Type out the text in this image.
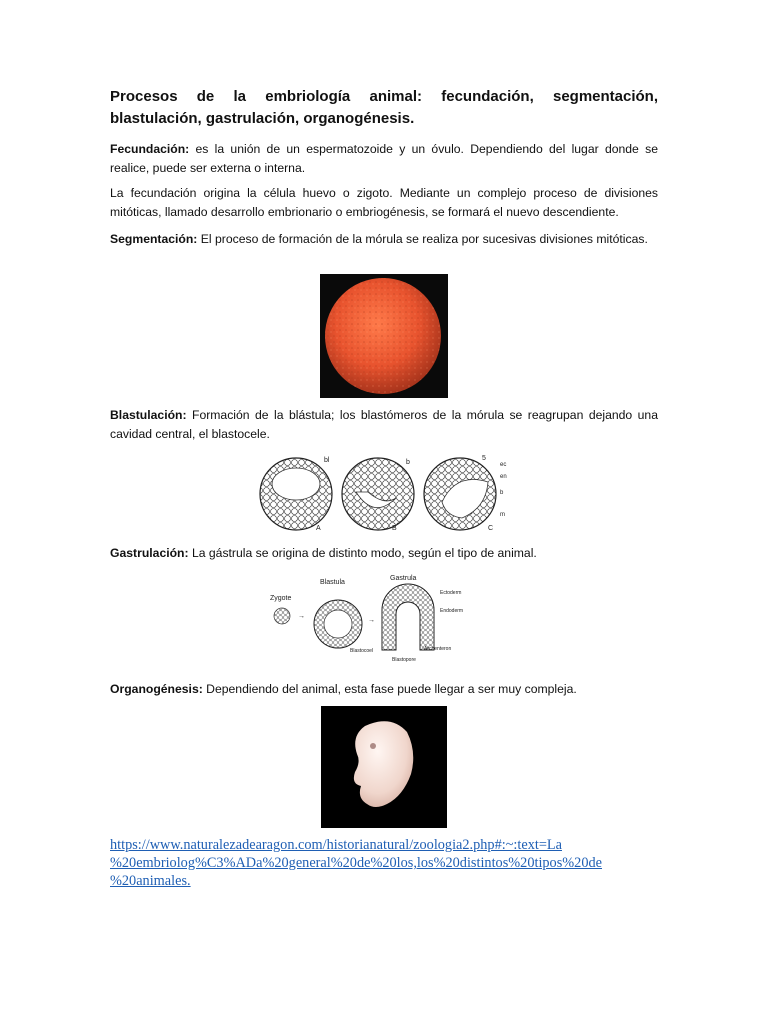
Procesos de la embriología animal: fecundación, segmentación, blastulación, gastrulación, organogénesis.

Fecundación: es la unión de un espermatozoide y un óvulo. Dependiendo del lugar donde se realice, puede ser externa o interna.

La fecundación origina la célula huevo o zigoto. Mediante un complejo proceso de divisiones mitóticas, llamado desarrollo embrionario o embriogénesis, se formará el nuevo descendiente.

Segmentación: El proceso de formación de la mórula se realiza por sucesivas divisiones mitóticas.

Blastulación: Formación de la blástula; los blastómeros de la mórula se reagrupan dejando una cavidad central, el blastocele.

Gastrulación: La gástrula se origina de distinto modo, según el tipo de animal.

Organogénesis: Dependiendo del animal, esta fase puede llegar a ser muy compleja.

bl
A
b
B
5
ec
en
b
m
C
Zygote
→
Blastula
→
Gastrula
Ectoderm
Endoderm
Blastocoel	Archenteron
Blastopore
https://www.naturalezadearagon.com/historianatural/zoologia2.php#:~:text=La
%20embriolog%C3%ADa%20general%20de%20los,los%20distintos%20tipos%20de
%20animales.
